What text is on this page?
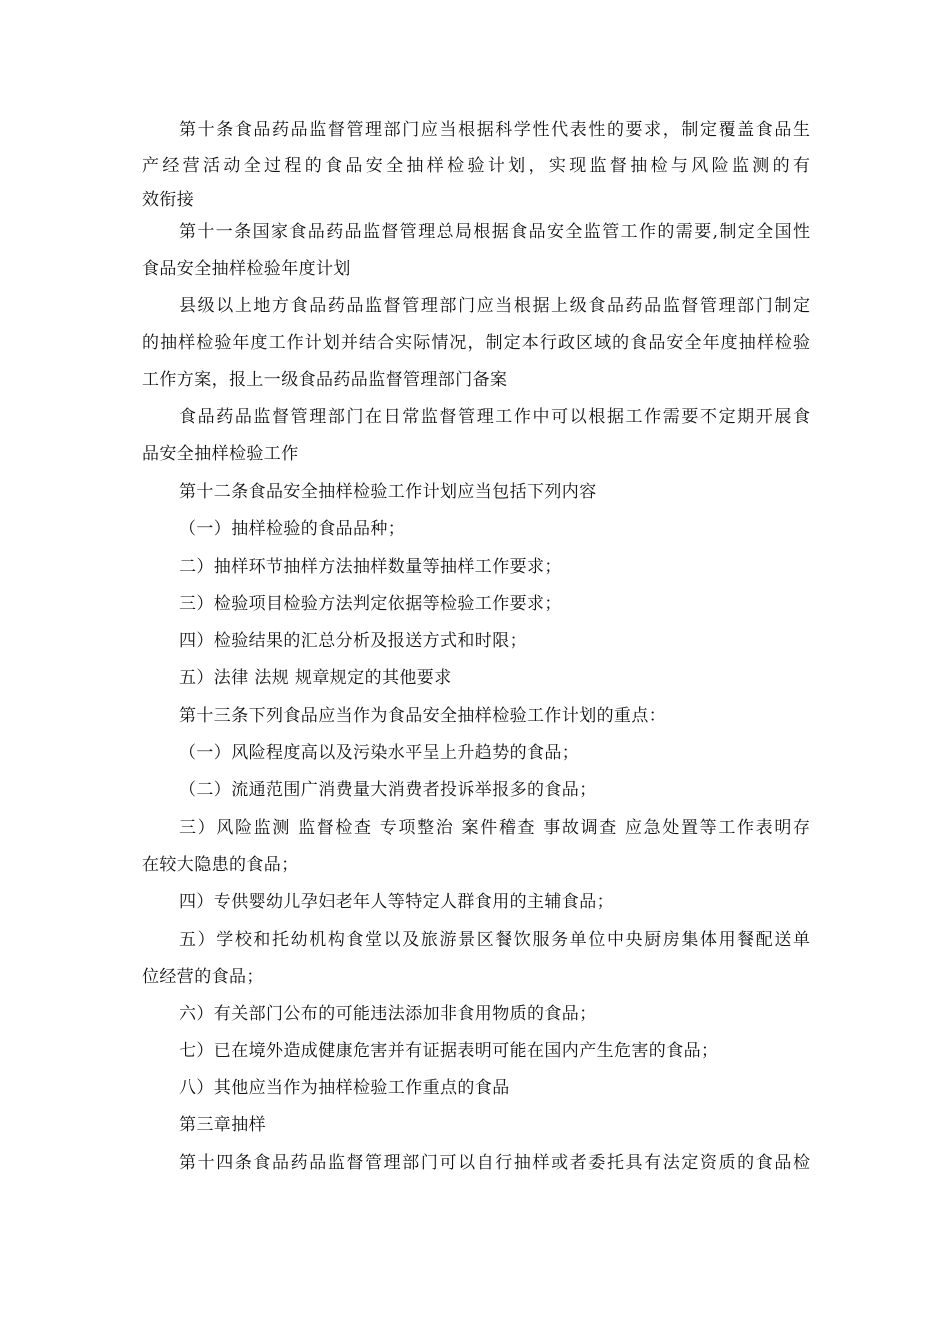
第十条食品药品监督管理部门应当根据科学性代表性的要求，制定覆盖食品生
产经营活动全过程的食品安全抽样检验计划，实现监督抽检与风险监测的有
效衔接
第十一条国家食品药品监督管理总局根据食品安全监管工作的需要,制定全国性
食品安全抽样检验年度计划
县级以上地方食品药品监督管理部门应当根据上级食品药品监督管理部门制定
的抽样检验年度工作计划并结合实际情况，制定本行政区域的食品安全年度抽样检验
工作方案，报上一级食品药品监督管理部门备案
食品药品监督管理部门在日常监督管理工作中可以根据工作需要不定期开展食
品安全抽样检验工作
第十二条食品安全抽样检验工作计划应当包括下列内容
（一）抽样检验的食品品种；
二）抽样环节抽样方法抽样数量等抽样工作要求；
三）检验项目检验方法判定依据等检验工作要求；
四）检验结果的汇总分析及报送方式和时限；
五）法律 法规 规章规定的其他要求
第十三条下列食品应当作为食品安全抽样检验工作计划的重点：
（一）风险程度高以及污染水平呈上升趋势的食品；
（二）流通范围广消费量大消费者投诉举报多的食品；
三）风险监测 监督检查 专项整治 案件稽查 事故调查 应急处置等工作表明存
在较大隐患的食品；
四）专供婴幼儿孕妇老年人等特定人群食用的主辅食品；
五）学校和托幼机构食堂以及旅游景区餐饮服务单位中央厨房集体用餐配送单
位经营的食品；
六）有关部门公布的可能违法添加非食用物质的食品；
七）已在境外造成健康危害并有证据表明可能在国内产生危害的食品；
八）其他应当作为抽样检验工作重点的食品
第三章抽样
第十四条食品药品监督管理部门可以自行抽样或者委托具有法定资质的食品检
